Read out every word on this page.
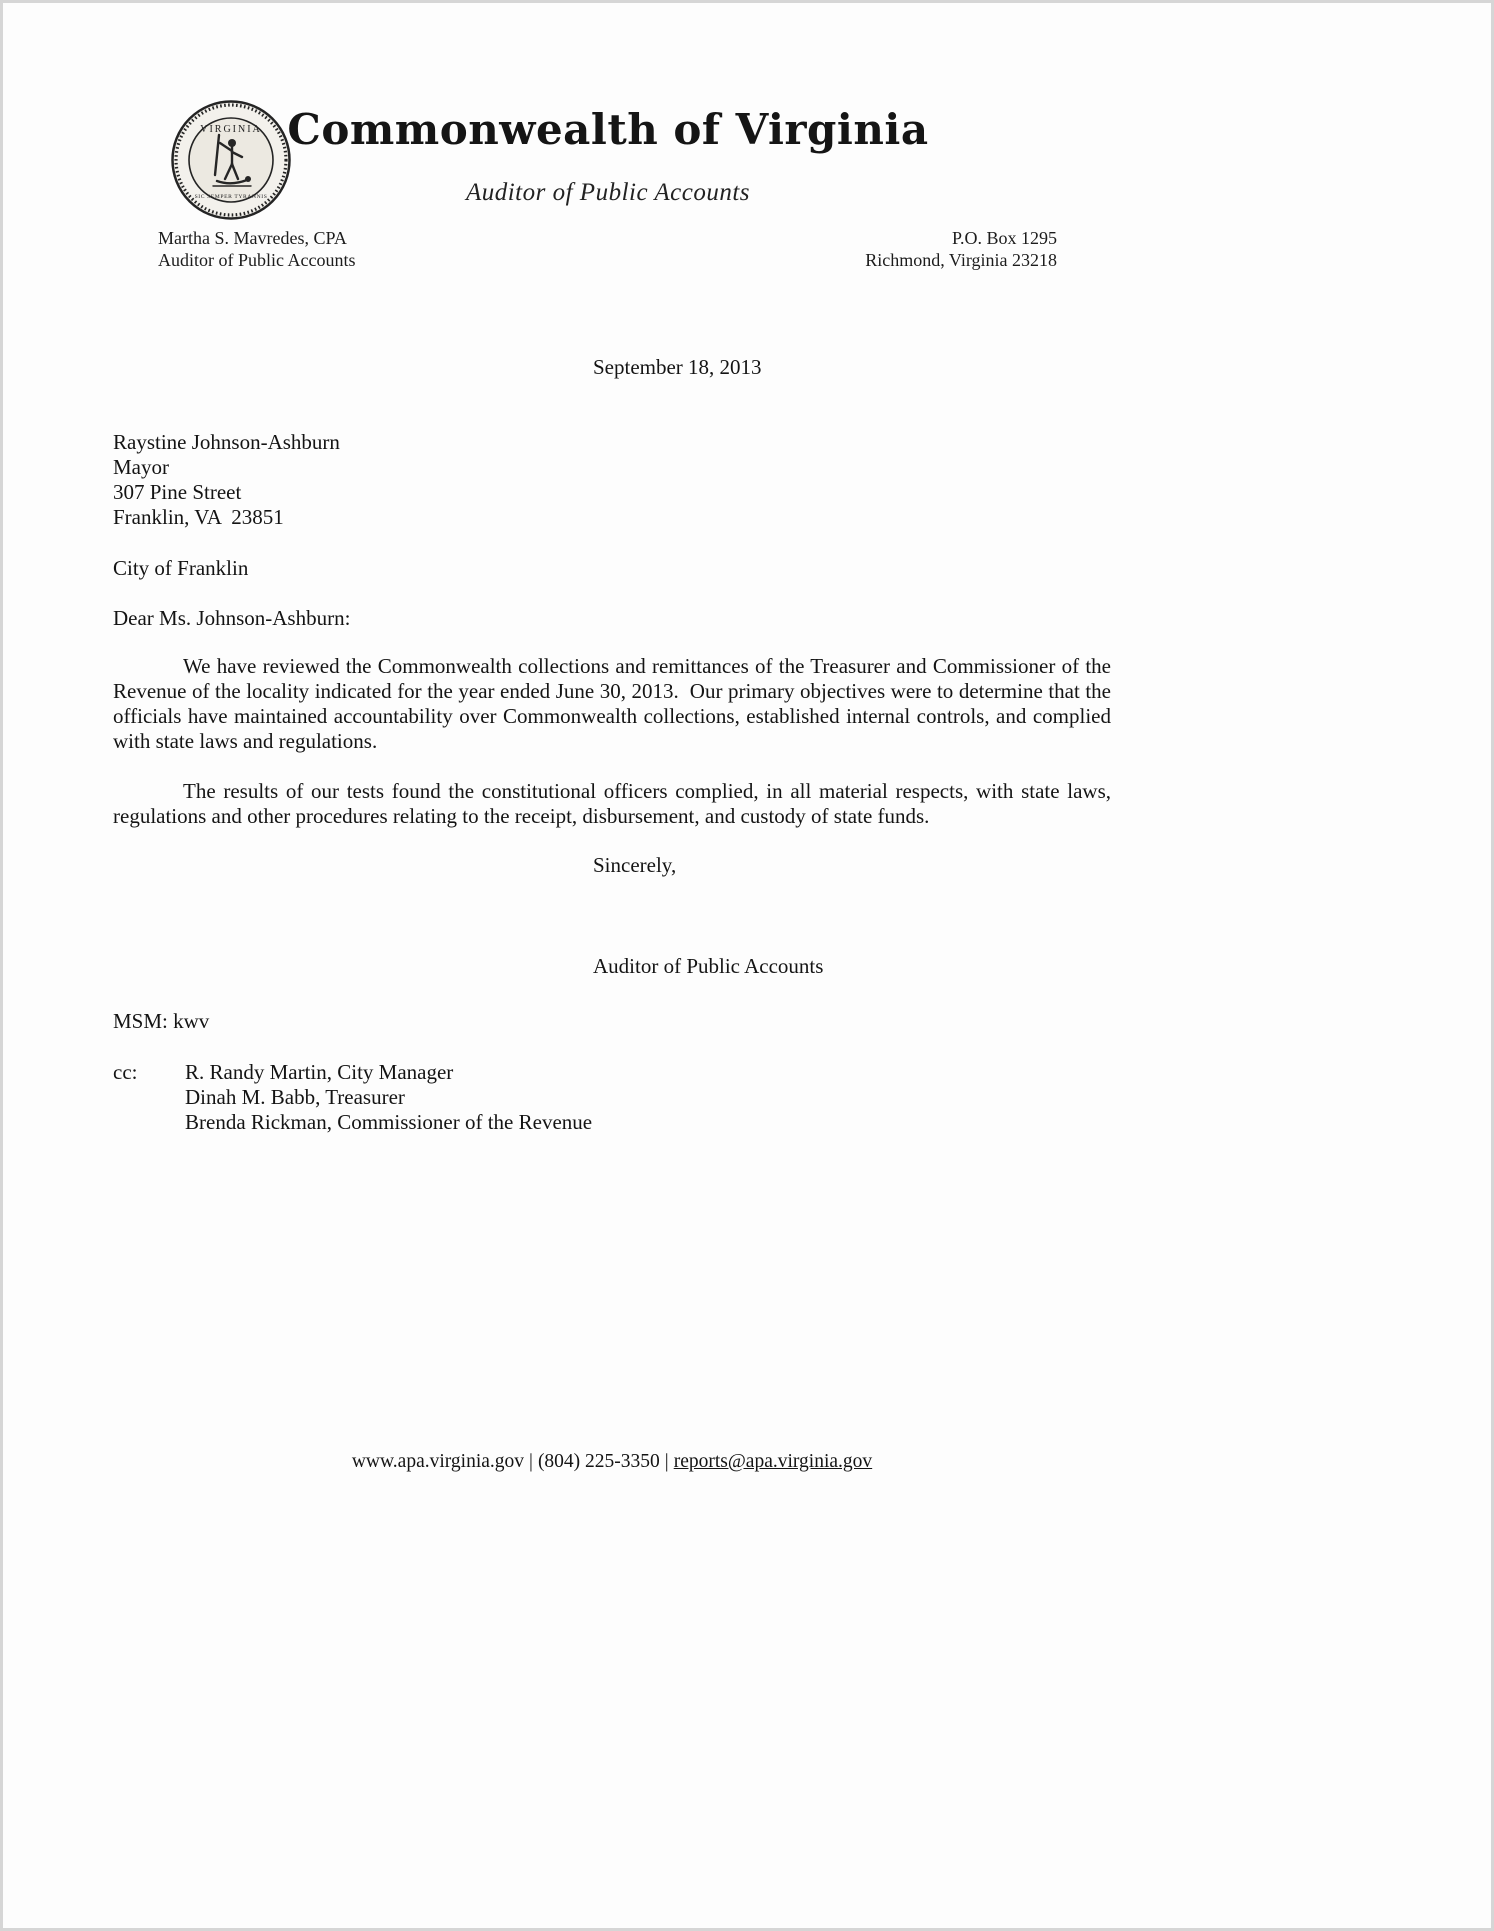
VIRGINIA
SIC SEMPER TYRANNIS
Commonwealth of Virginia
Auditor of Public Accounts
Martha S. Mavredes, CPA
Auditor of Public Accounts
P.O. Box 1295
Richmond, Virginia 23218
September 18, 2013
Raystine Johnson-Ashburn
Mayor
307 Pine Street
Franklin, VA  23851
City of Franklin
Dear Ms. Johnson-Ashburn:

We have reviewed the Commonwealth collections and remittances of the Treasurer and Commissioner of the Revenue of the locality indicated for the year ended June 30, 2013.  Our primary objectives were to determine that the officials have maintained accountability over Commonwealth collections, established internal controls, and complied with state laws and regulations.

The results of our tests found the constitutional officers complied, in all material respects, with state laws, regulations and other procedures relating to the receipt, disbursement, and custody of state funds.

Sincerely,
Auditor of Public Accounts
MSM: kwv
cc:	R. Randy Martin, City Manager
Dinah M. Babb, Treasurer
Brenda Rickman, Commissioner of the Revenue
www.apa.virginia.gov | (804) 225-3350 | reports@apa.virginia.gov
